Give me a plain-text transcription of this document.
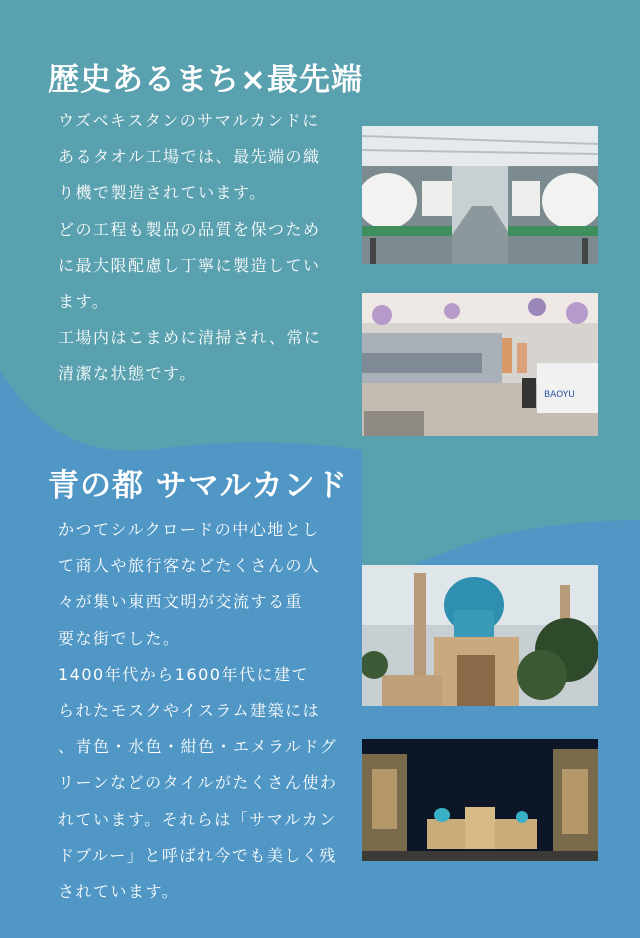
歴史あるまち×最先端

ウズベキスタンのサマルカンドに

あるタオル工場では、最先端の織

り機で製造されています。

どの工程も製品の品質を保つため

に最大限配慮し丁寧に製造してい

ます。

工場内はこまめに清掃され、常に

清潔な状態です。

BAOYU
青の都 サマルカンド

かつてシルクロードの中心地とし

て商人や旅行客などたくさんの人

々が集い東西文明が交流する重

要な街でした。

1400年代から1600年代に建て

られたモスクやイスラム建築には

、青色・水色・紺色・エメラルドグ

リーンなどのタイルがたくさん使わ

れています。それらは「サマルカン

ドブルー」と呼ばれ今でも美しく残

されています。
